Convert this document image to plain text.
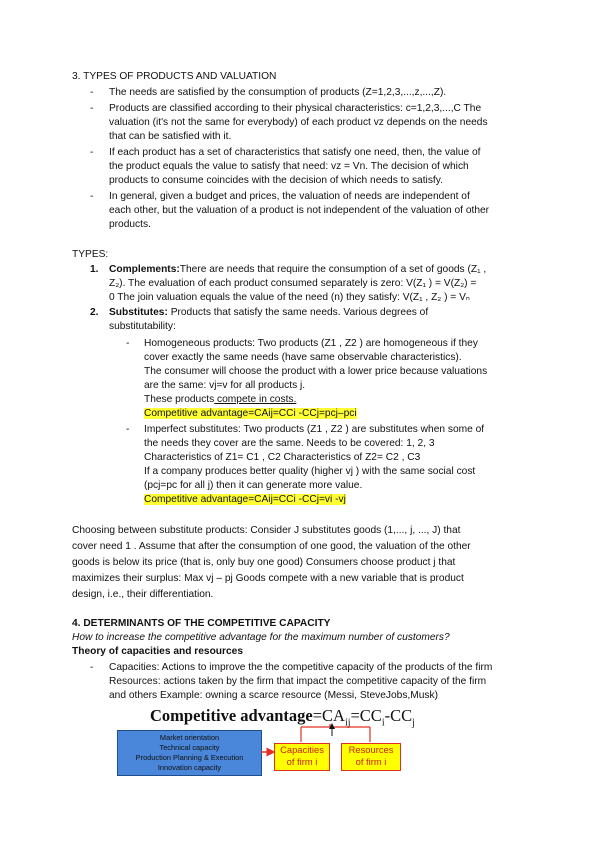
3. TYPES OF PRODUCTS AND VALUATION
- The needs are satisfied by the consumption of products (Z=1,2,3,...,z,...,Z).
- Products are classified according to their physical characteristics: c=1,2,3,...,C The
valuation (it's not the same for everybody) of each product vz depends on the needs
that can be satisfied with it.
- If each product has a set of characteristics that satisfy one need, then, the value of
the product equals the value to satisfy that need: vz = Vn. The decision of which
products to consume coincides with the decision of which needs to satisfy.
- In general, given a budget and prices, the valuation of needs are independent of
each other, but the valuation of a product is not independent of the valuation of other
products.
TYPES:
1. Complements:There are needs that require the consumption of a set of goods (Z₁ ,
Z₂). The evaluation of each product consumed separately is zero: V(Z₁ ) = V(Z₂) =
0 The join valuation equals the value of the need (n) they satisfy: V(Z₁ , Z₂ ) = Vₙ
2. Substitutes: Products that satisfy the same needs. Various degrees of
substitutability:
- Homogeneous products: Two products (Z1 , Z2 ) are homogeneous if they
cover exactly the same needs (have same observable characteristics).
The consumer will choose the product with a lower price because valuations
are the same: vj=v for all products j.
These products compete in costs.
Competitive advantage=CAij=CCi -CCj=pcj–pci
- Imperfect substitutes: Two products (Z1 , Z2 ) are substitutes when some of
the needs they cover are the same. Needs to be covered: 1, 2, 3
Characteristics of Z1= C1 , C2 Characteristics of Z2= C2 , C3
If a company produces better quality (higher vj ) with the same social cost
(pcj=pc for all j) then it can generate more value.
Competitive advantage=CAij=CCi -CCj=vi -vj
Choosing between substitute products: Consider J substitutes goods (1,..., j, ..., J) that
cover need 1 . Assume that after the consumption of one good, the valuation of the other
goods is below its price (that is, only buy one good) Consumers choose product j that
maximizes their surplus: Max vj – pj Goods compete with a new variable that is product
design, i.e., their differentiation.
4. DETERMINANTS OF THE COMPETITIVE CAPACITY
How to increase the competitive advantage for the maximum number of customers?
Theory of capacities and resources
- Capacities: Actions to improve the the competitive capacity of the products of the firm
Resources: actions taken by the firm that impact the competitive capacity of the firm
and others Example: owning a scarce resource (Messi, SteveJobs,Musk)
Competitive $advantage=CA_{ij}=CC_i-CC_j$
Market orientation
Technical capacity
Production Planning & Execution
Innovation capacity
Capacities
of firm i
Resources
of firm i
